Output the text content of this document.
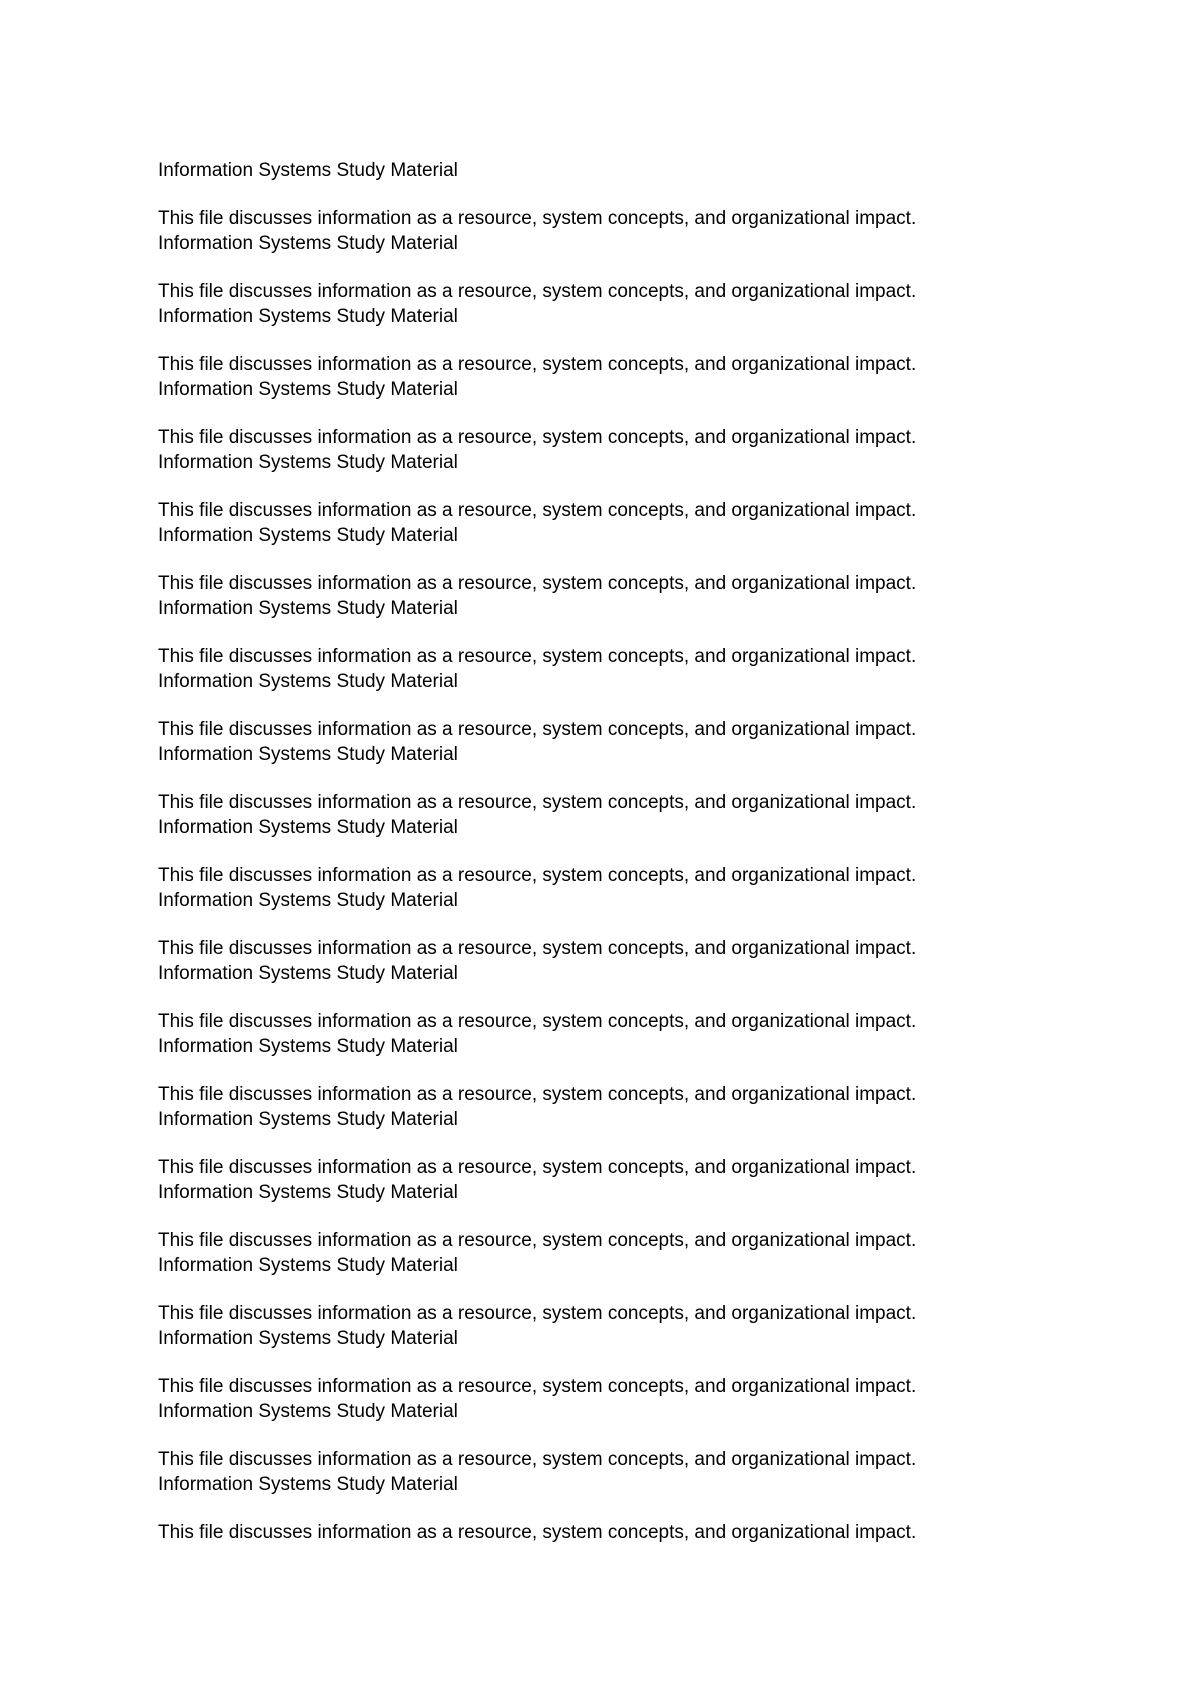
Information Systems Study Material

This file discusses information as a resource, system concepts, and organizational impact.

Information Systems Study Material

This file discusses information as a resource, system concepts, and organizational impact.

Information Systems Study Material

This file discusses information as a resource, system concepts, and organizational impact.

Information Systems Study Material

This file discusses information as a resource, system concepts, and organizational impact.

Information Systems Study Material

This file discusses information as a resource, system concepts, and organizational impact.

Information Systems Study Material

This file discusses information as a resource, system concepts, and organizational impact.

Information Systems Study Material

This file discusses information as a resource, system concepts, and organizational impact.

Information Systems Study Material

This file discusses information as a resource, system concepts, and organizational impact.

Information Systems Study Material

This file discusses information as a resource, system concepts, and organizational impact.

Information Systems Study Material

This file discusses information as a resource, system concepts, and organizational impact.

Information Systems Study Material

This file discusses information as a resource, system concepts, and organizational impact.

Information Systems Study Material

This file discusses information as a resource, system concepts, and organizational impact.

Information Systems Study Material

This file discusses information as a resource, system concepts, and organizational impact.

Information Systems Study Material

This file discusses information as a resource, system concepts, and organizational impact.

Information Systems Study Material

This file discusses information as a resource, system concepts, and organizational impact.

Information Systems Study Material

This file discusses information as a resource, system concepts, and organizational impact.

Information Systems Study Material

This file discusses information as a resource, system concepts, and organizational impact.

Information Systems Study Material

This file discusses information as a resource, system concepts, and organizational impact.

Information Systems Study Material

This file discusses information as a resource, system concepts, and organizational impact.
